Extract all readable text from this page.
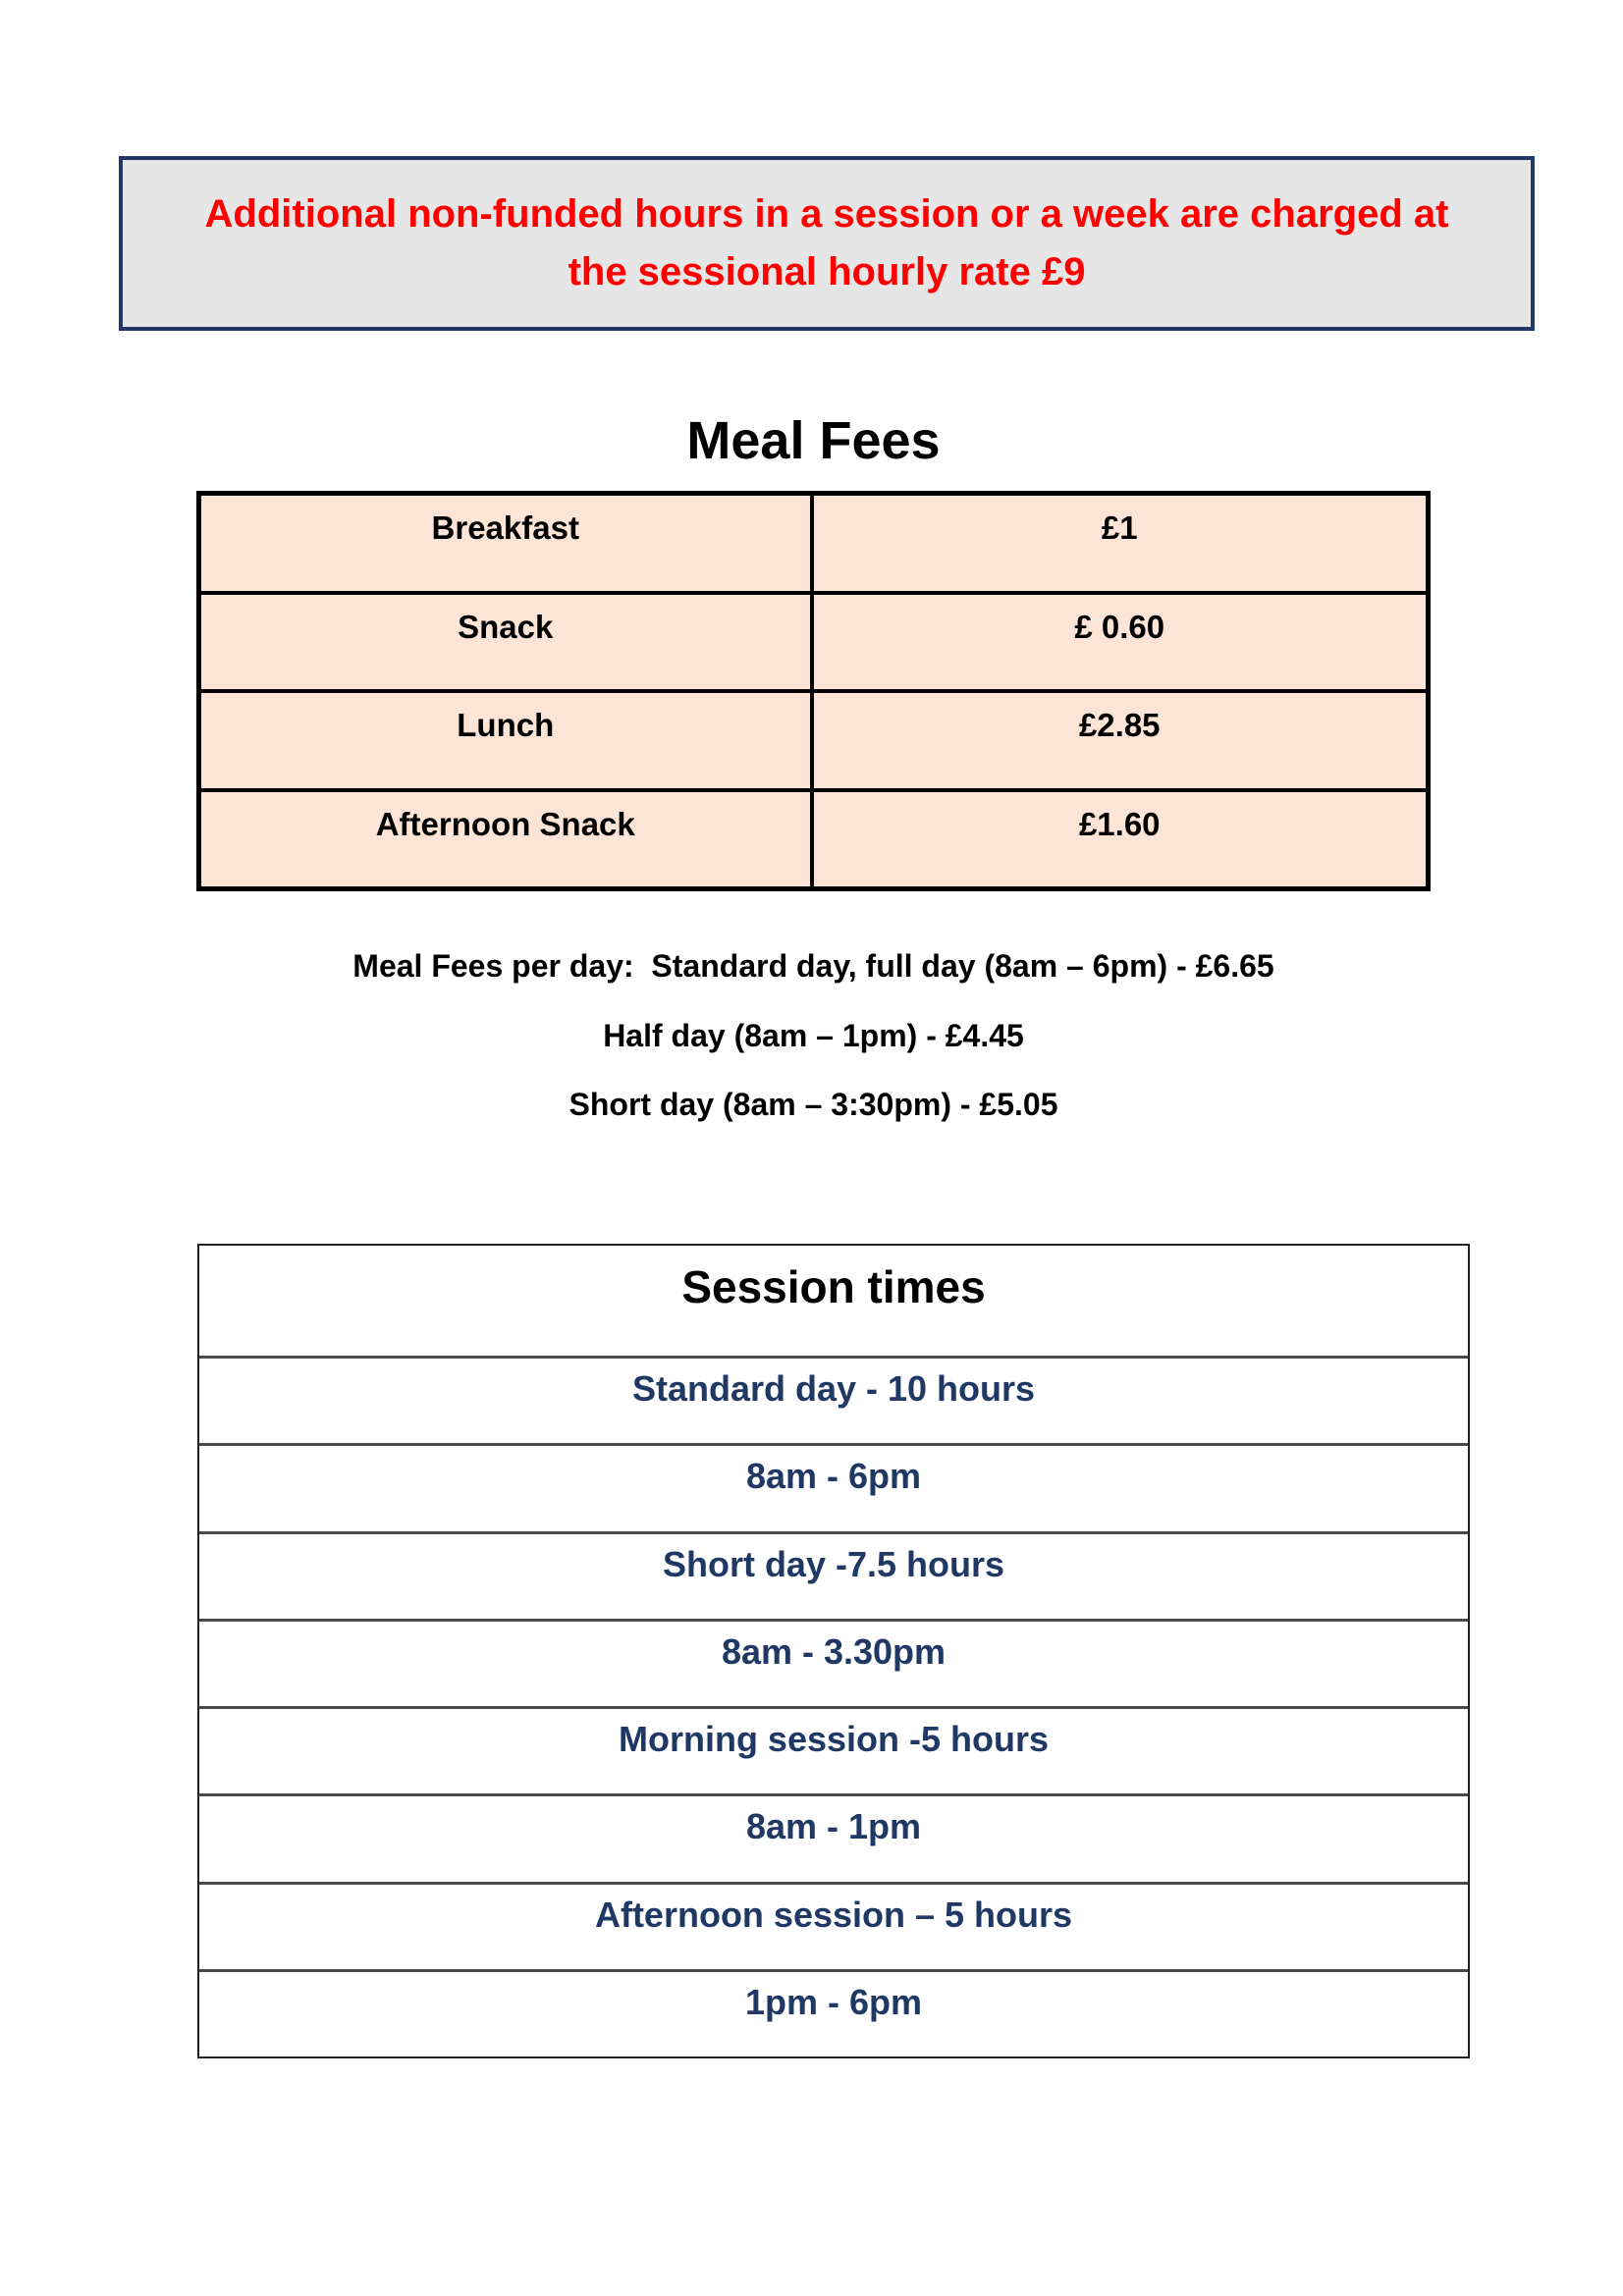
Additional non-funded hours in a session or a week are charged at
the sessional hourly rate £9
Meal Fees
Breakfast	£1
Snack	£ 0.60
Lunch	£2.85
Afternoon Snack	£1.60
Meal Fees per day:  Standard day, full day (8am – 6pm) - £6.65
Half day (8am – 1pm) - £4.45
Short day (8am – 3:30pm) - £5.05
Session times
Standard day - 10 hours
8am - 6pm
Short day -7.5 hours
8am - 3.30pm
Morning session -5 hours
8am - 1pm
Afternoon session – 5 hours
1pm - 6pm
